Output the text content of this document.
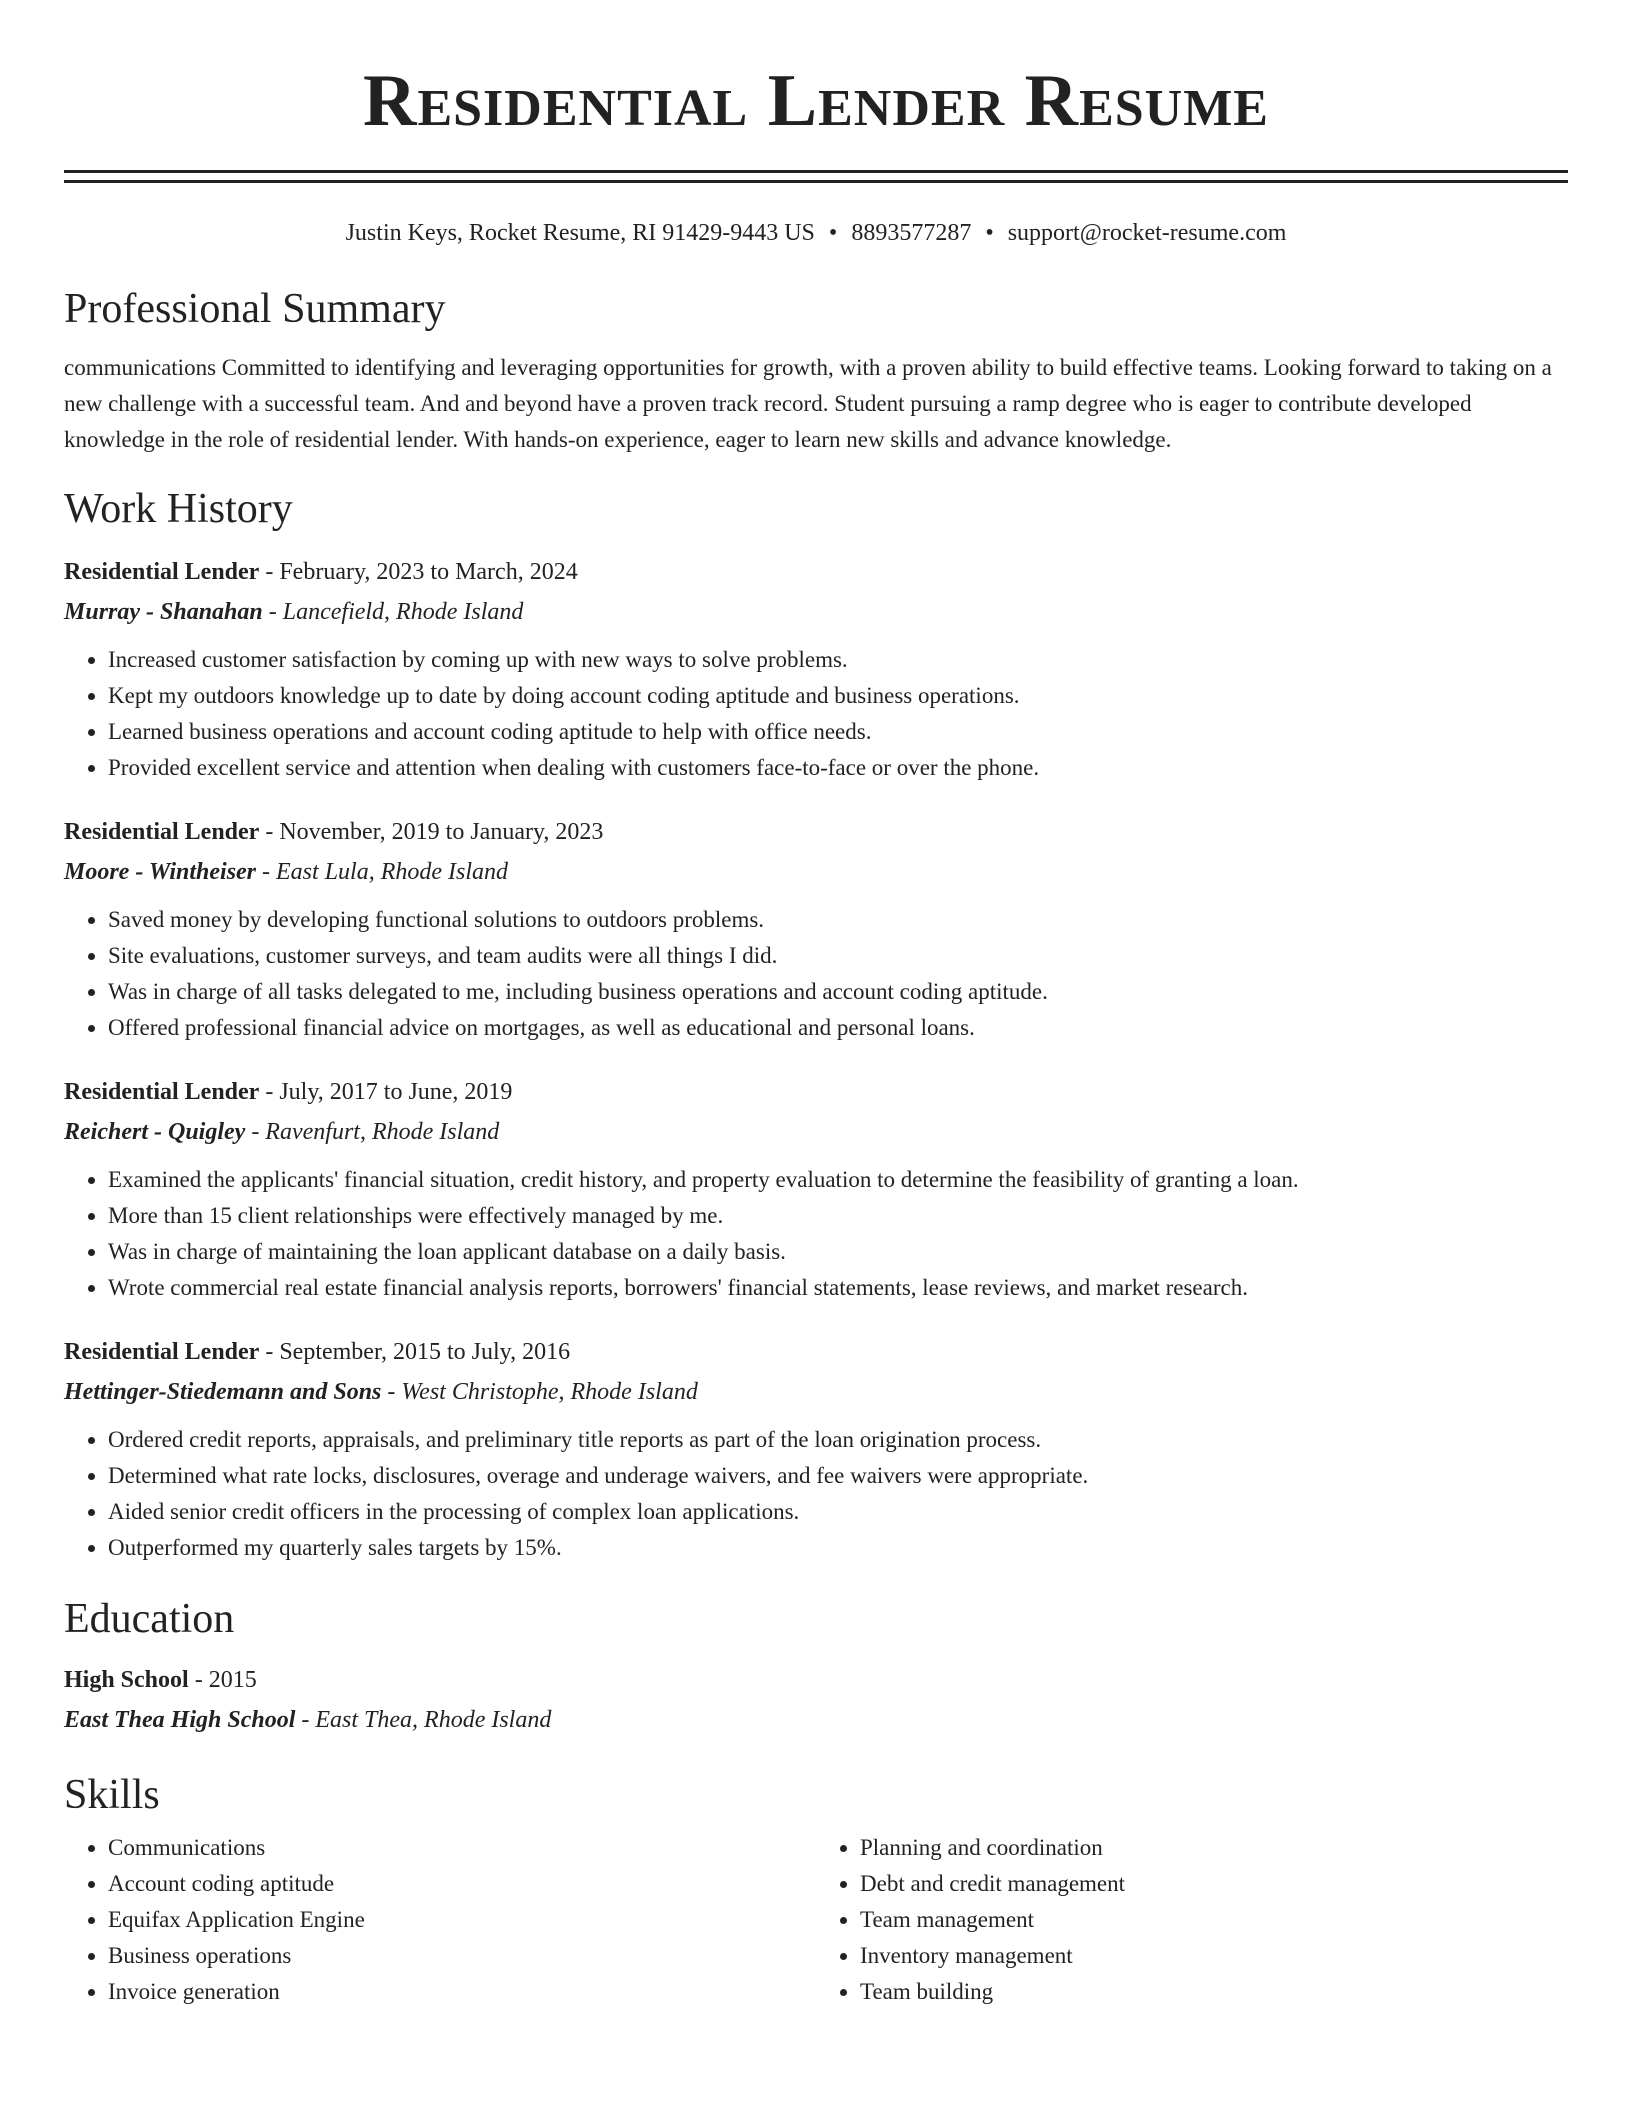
Residential Lender Resume
Justin Keys, Rocket Resume, RI 91429-9443 US • 8893577287 • support@rocket-resume.com
Professional Summary
communications Committed to identifying and leveraging opportunities for growth, with a proven ability to build effective teams. Looking forward to taking on a new challenge with a successful team. And and beyond have a proven track record. Student pursuing a ramp degree who is eager to contribute developed knowledge in the role of residential lender. With hands-on experience, eager to learn new skills and advance knowledge.
Work History
Residential Lender - February, 2023 to March, 2024
Murray - Shanahan - Lancefield, Rhode Island
• Increased customer satisfaction by coming up with new ways to solve problems.
• Kept my outdoors knowledge up to date by doing account coding aptitude and business operations.
• Learned business operations and account coding aptitude to help with office needs.
• Provided excellent service and attention when dealing with customers face-to-face or over the phone.
Residential Lender - November, 2019 to January, 2023
Moore - Wintheiser - East Lula, Rhode Island
• Saved money by developing functional solutions to outdoors problems.
• Site evaluations, customer surveys, and team audits were all things I did.
• Was in charge of all tasks delegated to me, including business operations and account coding aptitude.
• Offered professional financial advice on mortgages, as well as educational and personal loans.
Residential Lender - July, 2017 to June, 2019
Reichert - Quigley - Ravenfurt, Rhode Island
• Examined the applicants' financial situation, credit history, and property evaluation to determine the feasibility of granting a loan.
• More than 15 client relationships were effectively managed by me.
• Was in charge of maintaining the loan applicant database on a daily basis.
• Wrote commercial real estate financial analysis reports, borrowers' financial statements, lease reviews, and market research.
Residential Lender - September, 2015 to July, 2016
Hettinger-Stiedemann and Sons - West Christophe, Rhode Island
• Ordered credit reports, appraisals, and preliminary title reports as part of the loan origination process.
• Determined what rate locks, disclosures, overage and underage waivers, and fee waivers were appropriate.
• Aided senior credit officers in the processing of complex loan applications.
• Outperformed my quarterly sales targets by 15%.
Education
High School - 2015
East Thea High School - East Thea, Rhode Island
Skills
• Communications
• Account coding aptitude
• Equifax Application Engine
• Business operations
• Invoice generation
• Planning and coordination
• Debt and credit management
• Team management
• Inventory management
• Team building
